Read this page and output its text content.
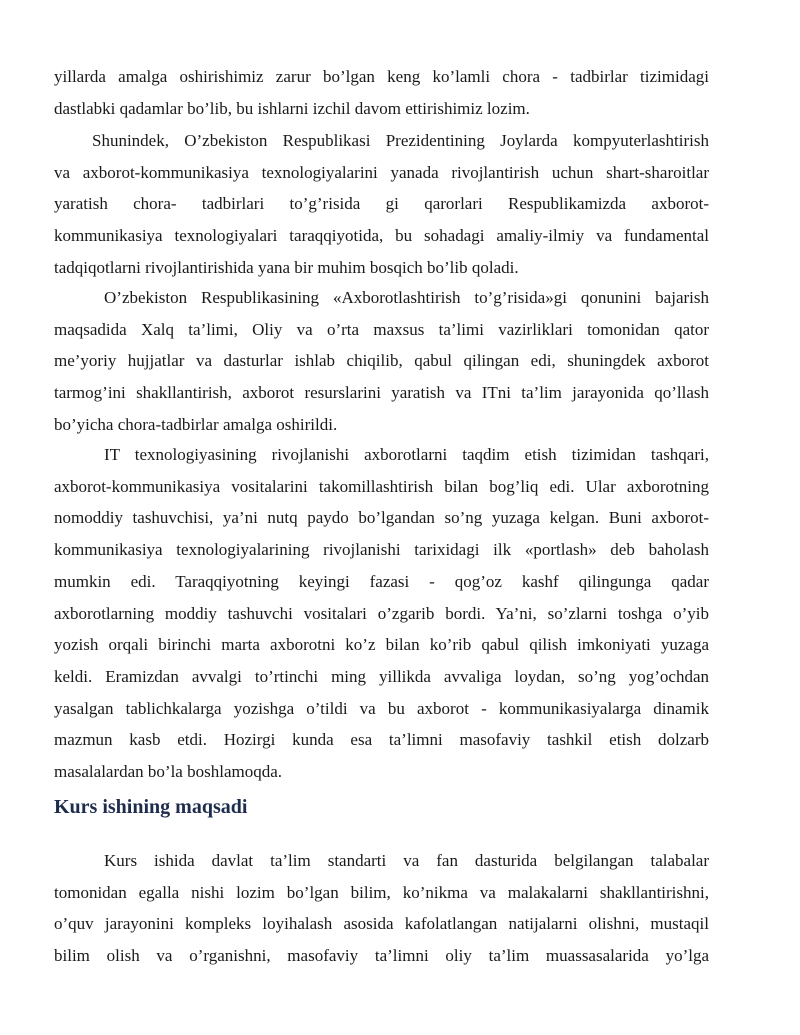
yillarda amalga oshirishimiz zarur bo’lgan keng ko’lamli chora - tadbirlar tizimidagi
dastlabki qadamlar bo’lib, bu ishlarni izchil davom ettirishimiz lozim.
Shunindek, O’zbekiston Respublikasi Prezidentining Joylarda kompyuterlashtirish
va axborot-kommunikasiya texnologiyalarini yanada rivojlantirish uchun shart-sharoitlar
yaratish chora- tadbirlari to’g’risida gi qarorlari Respublikamizda axborot-
kommunikasiya texnologiyalari taraqqiyotida, bu sohadagi amaliy-ilmiy va fundamental
tadqiqotlarni rivojlantirishida yana bir muhim bosqich bo’lib qoladi.
O’zbekiston Respublikasining «Axborotlashtirish to’g’risida»gi qonunini bajarish
maqsadida Xalq ta’limi, Oliy va o’rta maxsus ta’limi vazirliklari tomonidan qator
me’yoriy hujjatlar va dasturlar ishlab chiqilib, qabul qilingan edi, shuningdek axborot
tarmog’ini shakllantirish, axborot resurslarini yaratish va ITni ta’lim jarayonida qo’llash
bo’yicha chora-tadbirlar amalga oshirildi.
IT texnologiyasining rivojlanishi axborotlarni taqdim etish tizimidan tashqari,
axborot-kommunikasiya vositalarini takomillashtirish bilan bog’liq edi. Ular axborotning
nomoddiy tashuvchisi, ya’ni nutq paydo bo’lgandan so’ng yuzaga kelgan. Buni axborot-
kommunikasiya texnologiyalarining rivojlanishi tarixidagi ilk «portlash» deb baholash
mumkin edi. Taraqqiyotning keyingi fazasi - qog’oz kashf qilingunga qadar
axborotlarning moddiy tashuvchi vositalari o’zgarib bordi. Ya’ni, so’zlarni toshga o’yib
yozish orqali birinchi marta axborotni ko’z bilan ko’rib qabul qilish imkoniyati yuzaga
keldi. Eramizdan avvalgi to’rtinchi ming yillikda avvaliga loydan, so’ng yog’ochdan
yasalgan tablichkalarga yozishga o’tildi va bu axborot - kommunikasiyalarga dinamik
mazmun kasb etdi. Hozirgi kunda esa ta’limni masofaviy tashkil etish dolzarb
masalalardan bo’la boshlamoqda.
Kurs ishining maqsadi
Kurs ishida davlat ta’lim standarti va fan dasturida belgilangan talabalar
tomonidan egalla nishi lozim bo’lgan bilim, ko’nikma va malakalarni shakllantirishni,
o’quv jarayonini kompleks loyihalash asosida kafolatlangan natijalarni olishni, mustaqil
bilim olish va o’rganishni, masofaviy ta’limni oliy ta’lim muassasalarida yo’lga
